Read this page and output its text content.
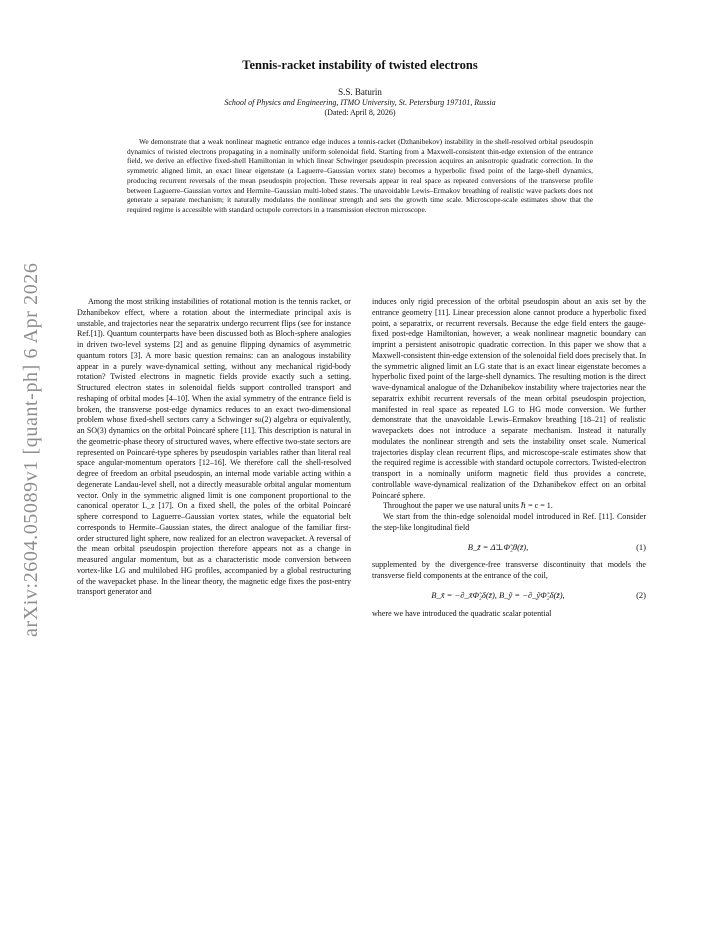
arXiv:2604.05089v1 [quant-ph] 6 Apr 2026
Tennis-racket instability of twisted electrons

S.S. Baturin

School of Physics and Engineering, ITMO University, St. Petersburg 197101, Russia

(Dated: April 8, 2026)

We demonstrate that a weak nonlinear magnetic entrance edge induces a tennis-racket (Dzhanibekov) instability in the shell-resolved orbital pseudospin dynamics of twisted electrons propagating in a nominally uniform solenoidal field. Starting from a Maxwell-consistent thin-edge extension of the entrance field, we derive an effective fixed-shell Hamiltonian in which linear Schwinger pseudospin precession acquires an anisotropic quadratic correction. In the symmetric aligned limit, an exact linear eigenstate (a Laguerre–Gaussian vortex state) becomes a hyperbolic fixed point of the large-shell dynamics, producing recurrent reversals of the mean pseudospin projection. These reversals appear in real space as repeated conversions of the transverse profile between Laguerre–Gaussian vortex and Hermite–Gaussian multi-lobed states. The unavoidable Lewis–Ermakov breathing of realistic wave packets does not generate a separate mechanism; it naturally modulates the nonlinear strength and sets the growth time scale. Microscope-scale estimates show that the required regime is accessible with standard octupole correctors in a transmission electron microscope.

Among the most striking instabilities of rotational motion is the tennis racket, or Dzhanibekov effect, where a rotation about the intermediate principal axis is unstable, and trajectories near the separatrix undergo recurrent flips (see for instance Ref.[1]). Quantum counterparts have been discussed both as Bloch-sphere analogies in driven two-level systems [2] and as genuine flipping dynamics of asymmetric quantum rotors [3]. A more basic question remains: can an analogous instability appear in a purely wave-dynamical setting, without any mechanical rigid-body rotation? Twisted electrons in magnetic fields provide exactly such a setting. Structured electron states in solenoidal fields support controlled transport and reshaping of orbital modes [4–10]. When the axial symmetry of the entrance field is broken, the transverse post-edge dynamics reduces to an exact two-dimensional problem whose fixed-shell sectors carry a Schwinger 𝔰𝔲(2) algebra or equivalently, an SO(3) dynamics on the orbital Poincaré sphere [11]. This description is natural in the geometric-phase theory of structured waves, where effective two-state sectors are represented on Poincaré-type spheres by pseudospin variables rather than literal real space angular-momentum operators [12–16]. We therefore call the shell-resolved degree of freedom an orbital pseudospin, an internal mode variable acting within a degenerate Landau-level shell, not a directly measurable orbital angular momentum vector. Only in the symmetric aligned limit is one component proportional to the canonical operator L_z [17]. On a fixed shell, the poles of the orbital Poincaré sphere correspond to Laguerre–Gaussian vortex states, while the equatorial belt corresponds to Hermite–Gaussian states, the direct analogue of the familiar first-order structured light sphere, now realized for an electron wavepacket. A reversal of the mean orbital pseudospin projection therefore appears not as a change in measured angular momentum, but as a characteristic mode conversion between vortex-like LG and multilobed HG profiles, accompanied by a global restructuring of the wavepacket phase. In the linear theory, the magnetic edge fixes the post-entry transport generator and

induces only rigid precession of the orbital pseudospin about an axis set by the entrance geometry [11]. Linear precession alone cannot produce a hyperbolic fixed point, a separatrix, or recurrent reversals. Because the edge field enters the gauge-fixed post-edge Hamiltonian, however, a weak nonlinear magnetic boundary can imprint a persistent anisotropic quadratic correction. In this paper we show that a Maxwell-consistent thin-edge extension of the solenoidal field does precisely that. In the symmetric aligned limit an LG state that is an exact linear eigenstate becomes a hyperbolic fixed point of the large-shell dynamics. The resulting motion is the direct wave-dynamical analogue of the Dzhanibekov instability where trajectories near the separatrix exhibit recurrent reversals of the mean orbital pseudospin projection, manifested in real space as repeated LG to HG mode conversion. We further demonstrate that the unavoidable Lewis–Ermakov breathing [18–21] of realistic wavepackets does not introduce a separate mechanism. Instead it naturally modulates the nonlinear strength and sets the instability onset scale. Numerical trajectories display clean recurrent flips, and microscope-scale estimates show that the required regime is accessible with standard octupole correctors. Twisted-electron transport in a nominally uniform magnetic field thus provides a concrete, controllable wave-dynamical realization of the Dzhanibekov effect on an orbital Poincaré sphere.

Throughout the paper we use natural units ℏ = c = 1.

We start from the thin-edge solenoidal model introduced in Ref. [11]. Consider the step-like longitudinal field

B_z̃ = Δ̃⊥Φ̃₂θ(z̃),	(1)

supplemented by the divergence-free transverse discontinuity that models the transverse field components at the entrance of the coil,

B_x̃ = −∂_x̃Φ̃₂δ(z̃), B_ỹ = −∂_ỹΦ̃₂δ(z̃),	(2)

where we have introduced the quadratic scalar potential
